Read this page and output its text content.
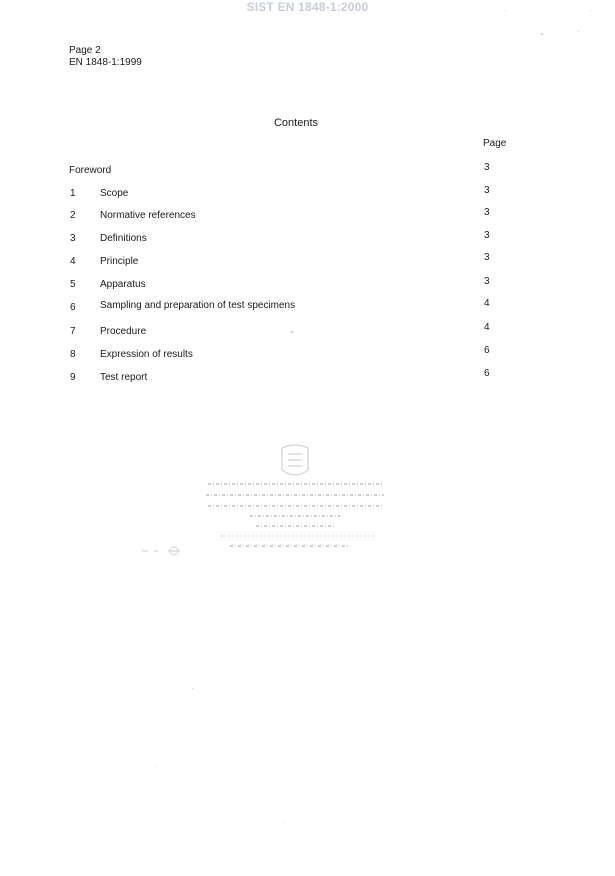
SIST EN 1848-1:2000
Page 2
EN 1848-1:1999
Contents
Page
Foreword	3
1 Scope	3
2 Normative references	3
3 Definitions	3
4 Principle	3
5 Apparatus	3
6 Sampling and preparation of test specimens	4
7 Procedure	4
8 Expression of results	6
9 Test report	6
